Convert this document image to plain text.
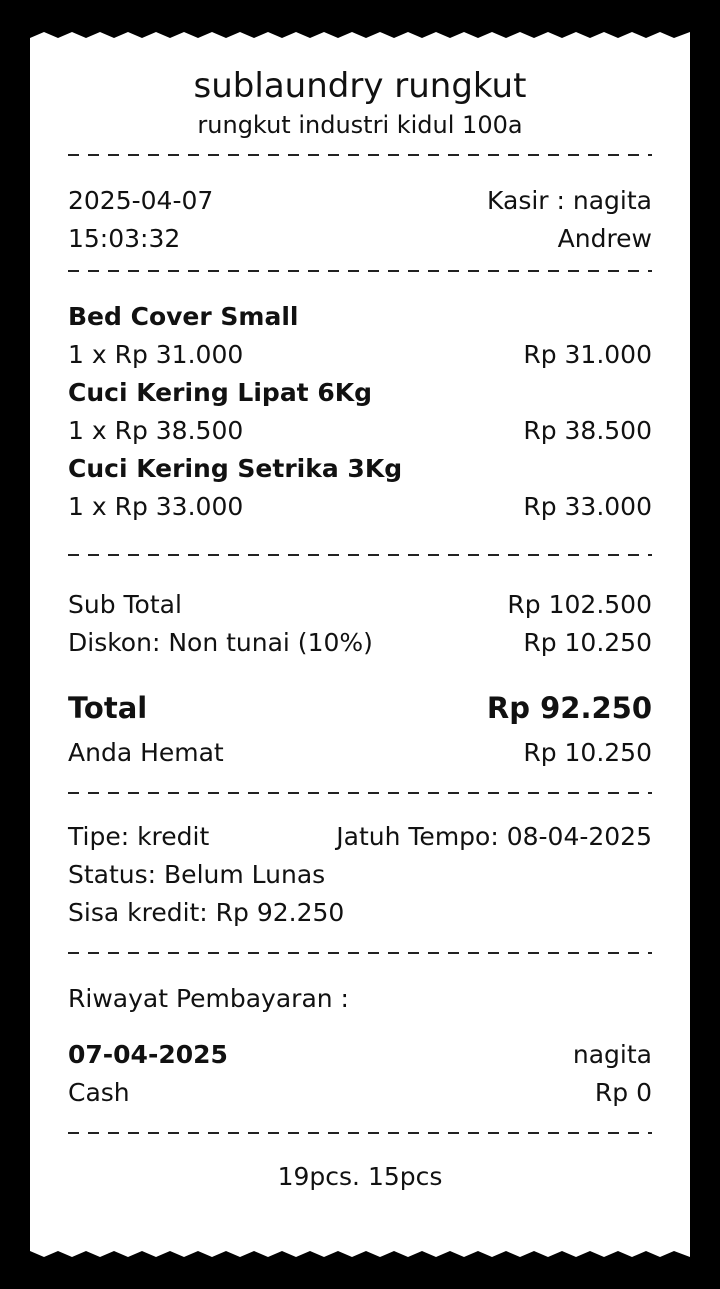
sublaundry rungkut
rungkut industri kidul 100a
2025-04-07	Kasir : nagita
15:03:32	Andrew
Bed Cover Small
1 x Rp 31.000	Rp 31.000
Cuci Kering Lipat 6Kg
1 x Rp 38.500	Rp 38.500
Cuci Kering Setrika 3Kg
1 x Rp 33.000	Rp 33.000
Sub Total	Rp 102.500
Diskon: Non tunai (10%)	Rp 10.250
Total	Rp 92.250
Anda Hemat	Rp 10.250
Tipe: kredit	Jatuh Tempo: 08-04-2025
Status: Belum Lunas
Sisa kredit: Rp 92.250
Riwayat Pembayaran :
07-04-2025	nagita
Cash	Rp 0
19pcs. 15pcs
